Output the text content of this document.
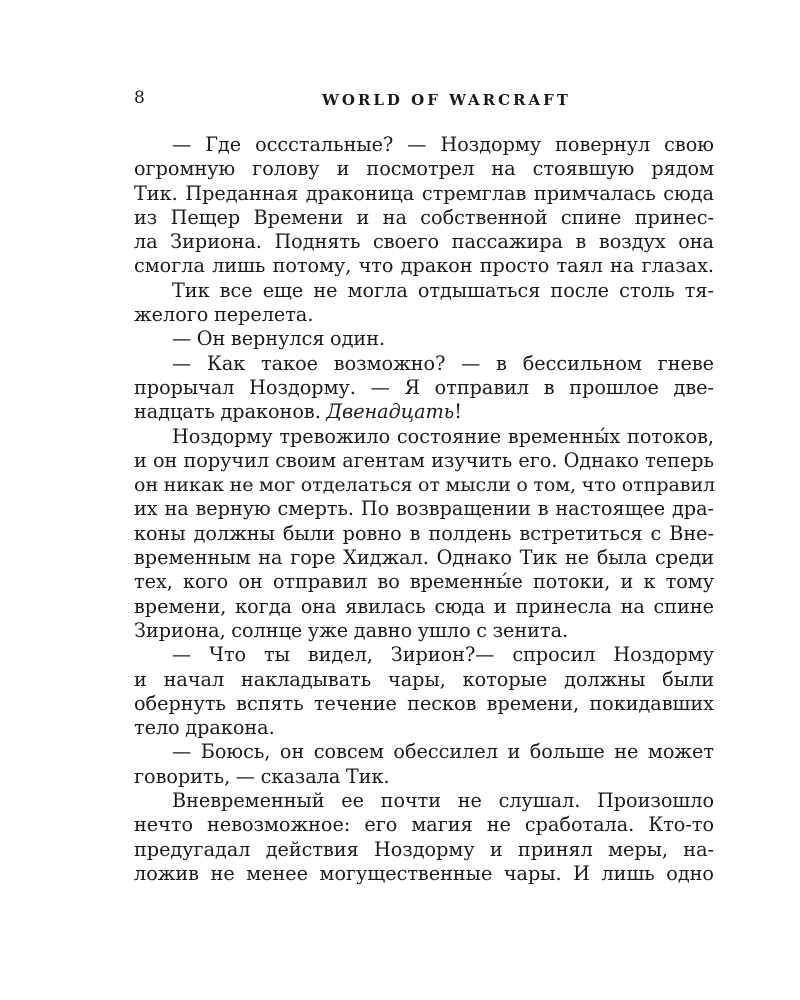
8	WORLD OF WARCRAFT
— Где осcстальные? — Ноздорму повернул свою
огромную голову и посмотрел на стоявшую рядом
Тик. Преданная драконица стремглав примчалась сюда
из Пещер Времени и на собственной спине принес-
ла Зириона. Поднять своего пассажира в воздух она
смогла лишь потому, что дракон просто таял на глазах.
Тик все еще не могла отдышаться после столь тя-
желого перелета.
— Он вернулся один.
— Как такое возможно? — в бессильном гневе
прорычал Ноздорму. — Я отправил в прошлое две-
надцать драконов. Двенадцать!
Ноздорму тревожило состояние временны́х потоков,
и он поручил своим агентам изучить его. Однако теперь
он никак не мог отделаться от мысли о том, что отправил
их на верную смерть. По возвращении в настоящее дра-
коны должны были ровно в полдень встретиться с Вне-
временным на горе Хиджал. Однако Тик не была среди
тех, кого он отправил во временны́е потоки, и к тому
времени, когда она явилась сюда и принесла на спине
Зириона, солнце уже давно ушло с зенита.
— Что ты видел, Зирион?— спросил Ноздорму
и начал накладывать чары, которые должны были
обернуть вспять течение песков времени, покидавших
тело дракона.
— Боюсь, он совсем обессилел и больше не может
говорить, — сказала Тик.
Вневременный ее почти не слушал. Произошло
нечто невозможное: его магия не сработала. Кто-то
предугадал действия Ноздорму и принял меры, на-
ложив не менее могущественные чары. И лишь одно
